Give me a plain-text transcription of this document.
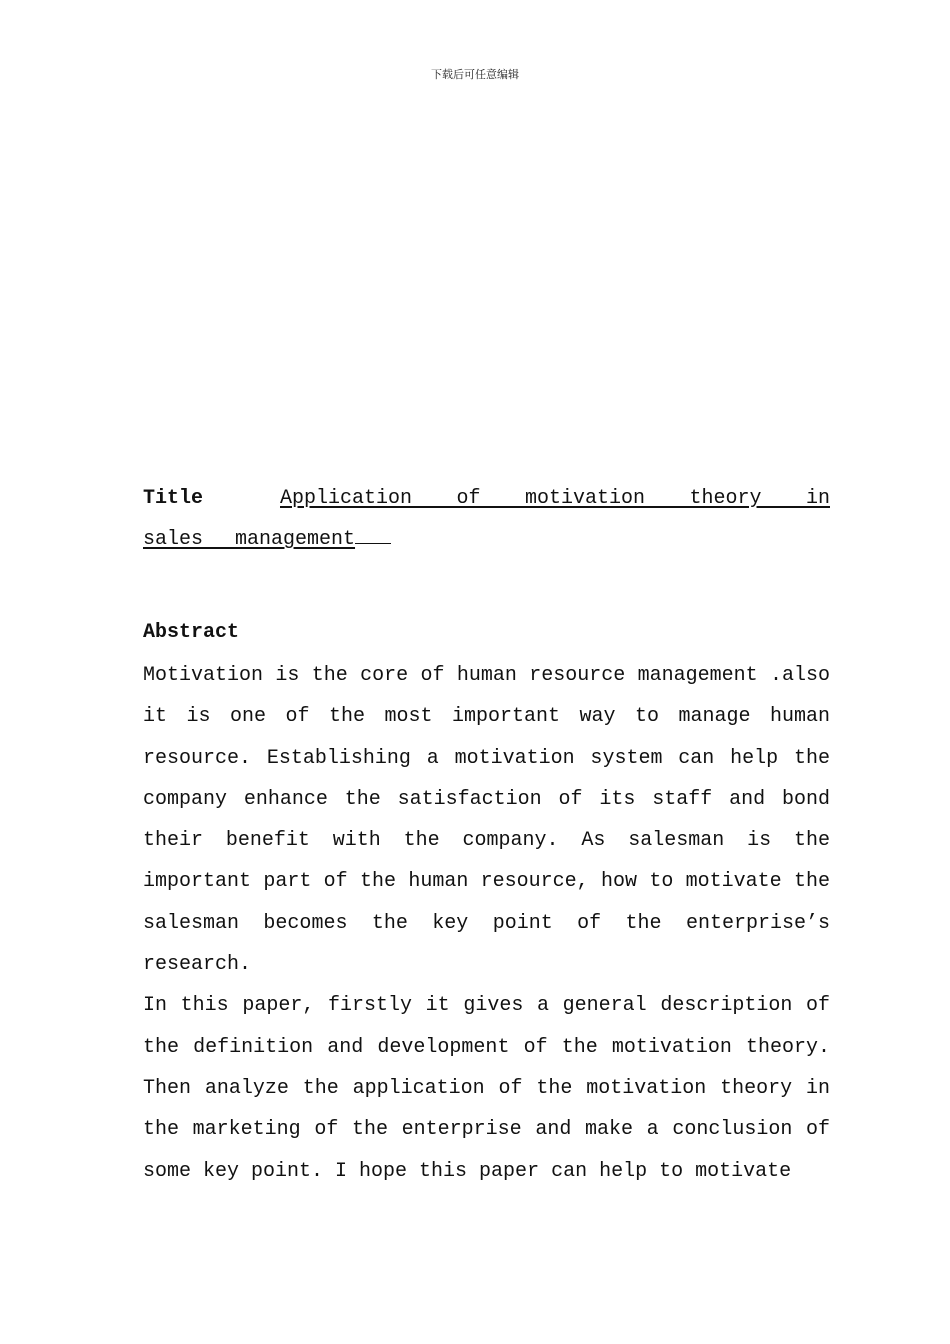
下载后可任意编辑
Title	Application of motivation theory in sales management
Abstract

Motivation is the core of human resource management .also it is one of the most important way to manage human resource. Establishing a motivation system can help the company enhance the satisfaction of its staff and bond their benefit with the company. As salesman is the important part of the human resource, how to motivate the salesman becomes the key point of the enterprise’s research.

In this paper, firstly it gives a general description of the definition and development of the motivation theory. Then analyze the application of the motivation theory in the marketing of the enterprise and make a conclusion of some key point. I hope this paper can help to motivate
